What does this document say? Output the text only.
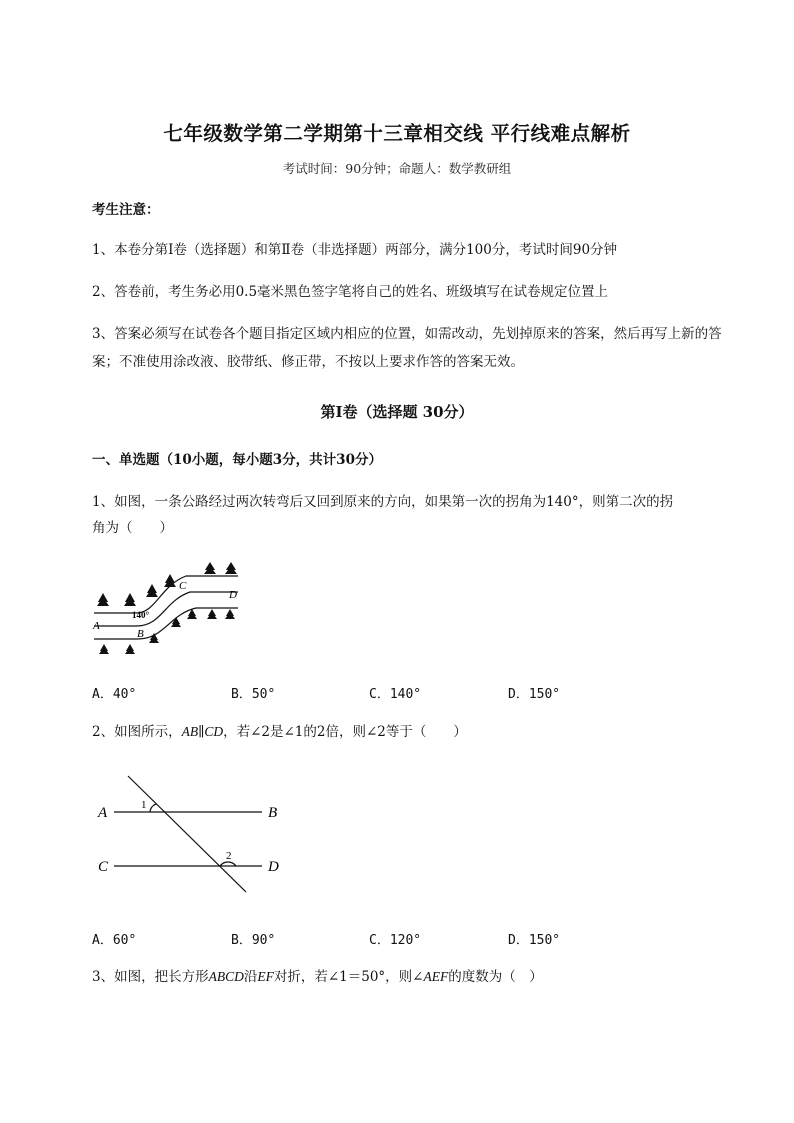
七年级数学第二学期第十三章相交线 平行线难点解析
考试时间：90分钟；命题人：数学教研组
考生注意：
1、本卷分第I卷（选择题）和第Ⅱ卷（非选择题）两部分，满分100分，考试时间90分钟
2、答卷前，考生务必用0.5毫米黑色签字笔将自己的姓名、班级填写在试卷规定位置上
3、答案必须写在试卷各个题目指定区域内相应的位置，如需改动，先划掉原来的答案，然后再写上新的答案；不准使用涂改液、胶带纸、修正带，不按以上要求作答的答案无效。
第I卷（选择题 30分）
一、单选题（10小题，每小题3分，共计30分）
1、如图，一条公路经过两次转弯后又回到原来的方向，如果第一次的拐角为140°，则第二次的拐
角为（　　）
A
B
C
D
140°
A．40°	B．50°	C．140°	D．150°
2、如图所示，AB∥CD，若∠2是∠1的2倍，则∠2等于（　　）
A	B
C	D
1
2
A．60°	B．90°	C．120°	D．150°
3、如图，把长方形ABCD沿EF对折，若∠1＝50°，则∠AEF的度数为（　）
